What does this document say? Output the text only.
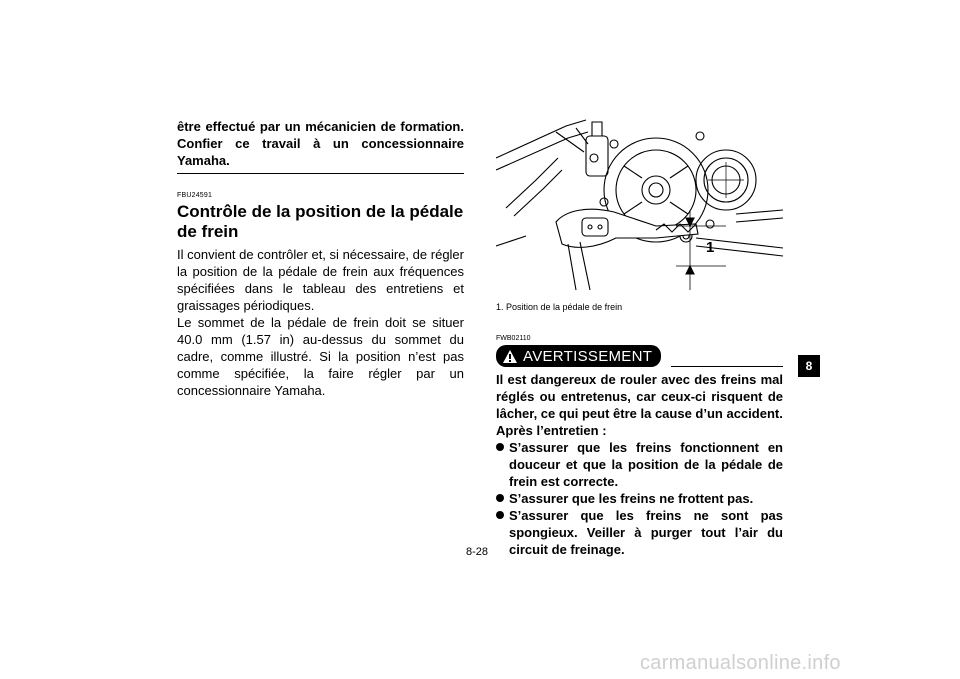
être effectué par un mécanicien de formation. Confier ce travail à un concessionnaire Yamaha.
FBU24591
Contrôle de la position de la pédale de frein
Il convient de contrôler et, si nécessaire, de régler la position de la pédale de frein aux fréquences spécifiées dans le tableau des entretiens et graissages périodiques.
Le sommet de la pédale de frein doit se situer 40.0 mm (1.57 in) au-dessus du sommet du cadre, comme illustré. Si la position n’est pas comme spécifiée, la faire régler par un concessionnaire Yamaha.
1
1. Position de la pédale de frein
FWB02110
AVERTISSEMENT
Il est dangereux de rouler avec des freins mal réglés ou entretenus, car ceux-ci risquent de lâcher, ce qui peut être la cause d’un accident.
Après l’entretien :
S’assurer que les freins fonctionnent en douceur et que la position de la pédale de frein est correcte.
S’assurer que les freins ne frottent pas.
S’assurer que les freins ne sont pas spongieux. Veiller à purger tout l’air du circuit de freinage.
8-28
8
carmanualsonline.info
